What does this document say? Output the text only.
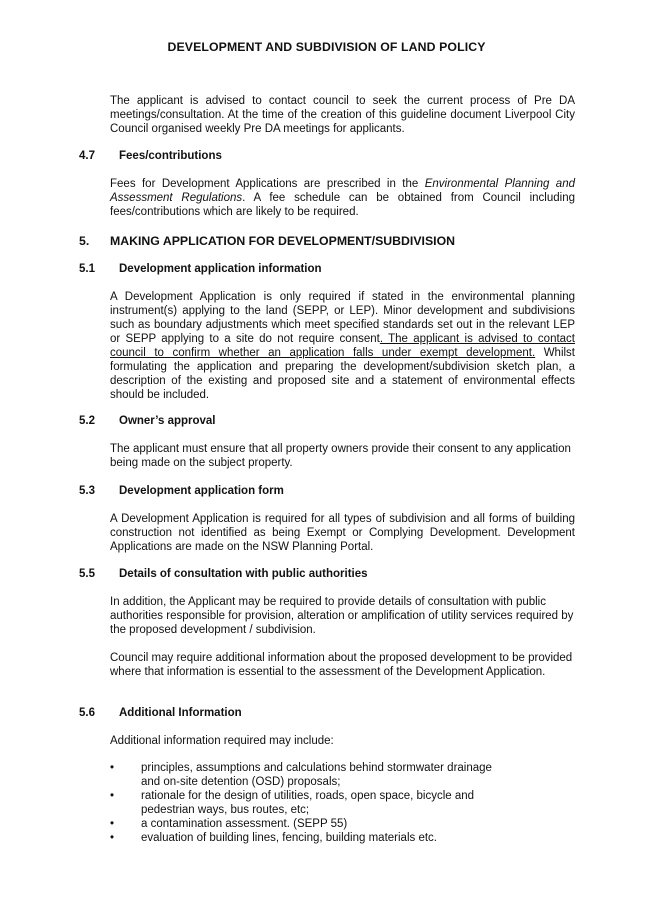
DEVELOPMENT AND SUBDIVISION OF LAND POLICY

The applicant is advised to contact council to seek the current process of Pre DA meetings/consultation. At the time of the creation of this guideline document Liverpool City Council organised weekly Pre DA meetings for applicants.

4.7 Fees/contributions

Fees for Development Applications are prescribed in the Environmental Planning and Assessment Regulations. A fee schedule can be obtained from Council including fees/contributions which are likely to be required.

5. MAKING APPLICATION FOR DEVELOPMENT/SUBDIVISION
5.1 Development application information

A Development Application is only required if stated in the environmental planning instrument(s) applying to the land (SEPP, or LEP). Minor development and subdivisions such as boundary adjustments which meet specified standards set out in the relevant LEP or SEPP applying to a site do not require consent. The applicant is advised to contact council to confirm whether an application falls under exempt development. Whilst formulating the application and preparing the development/subdivision sketch plan, a description of the existing and proposed site and a statement of environmental effects should be included.

5.2 Owner’s approval

The applicant must ensure that all property owners provide their consent to any application being made on the subject property.

5.3 Development application form

A Development Application is required for all types of subdivision and all forms of building construction not identified as being Exempt or Complying Development. Development Applications are made on the NSW Planning Portal.

5.5 Details of consultation with public authorities

In addition, the Applicant may be required to provide details of consultation with public authorities responsible for provision, alteration or amplification of utility services required by the proposed development / subdivision.

Council may require additional information about the proposed development to be provided where that information is essential to the assessment of the Development Application.

5.6 Additional Information

Additional information required may include:

• principles, assumptions and calculations behind stormwater drainage and on-site detention (OSD) proposals;
• rationale for the design of utilities, roads, open space, bicycle and pedestrian ways, bus routes, etc;
• a contamination assessment. (SEPP 55)
• evaluation of building lines, fencing, building materials etc.
